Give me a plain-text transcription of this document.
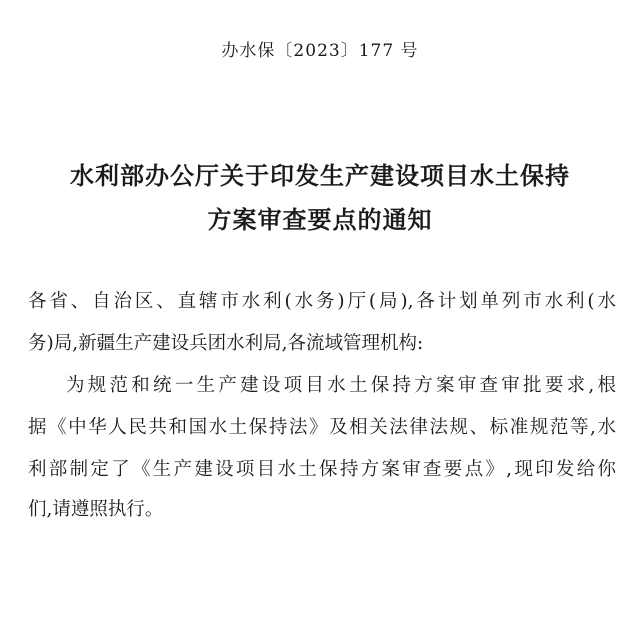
办水保〔2023〕177 号
水利部办公厅关于印发生产建设项目水土保持
方案审查要点的通知
各省、自治区、直辖市水利(水务)厅(局),各计划单列市水利(水
务)局,新疆生产建设兵团水利局,各流域管理机构:
为规范和统一生产建设项目水土保持方案审查审批要求,根
据《中华人民共和国水土保持法》及相关法律法规、标准规范等,水
利部制定了《生产建设项目水土保持方案审查要点》,现印发给你
们,请遵照执行。
